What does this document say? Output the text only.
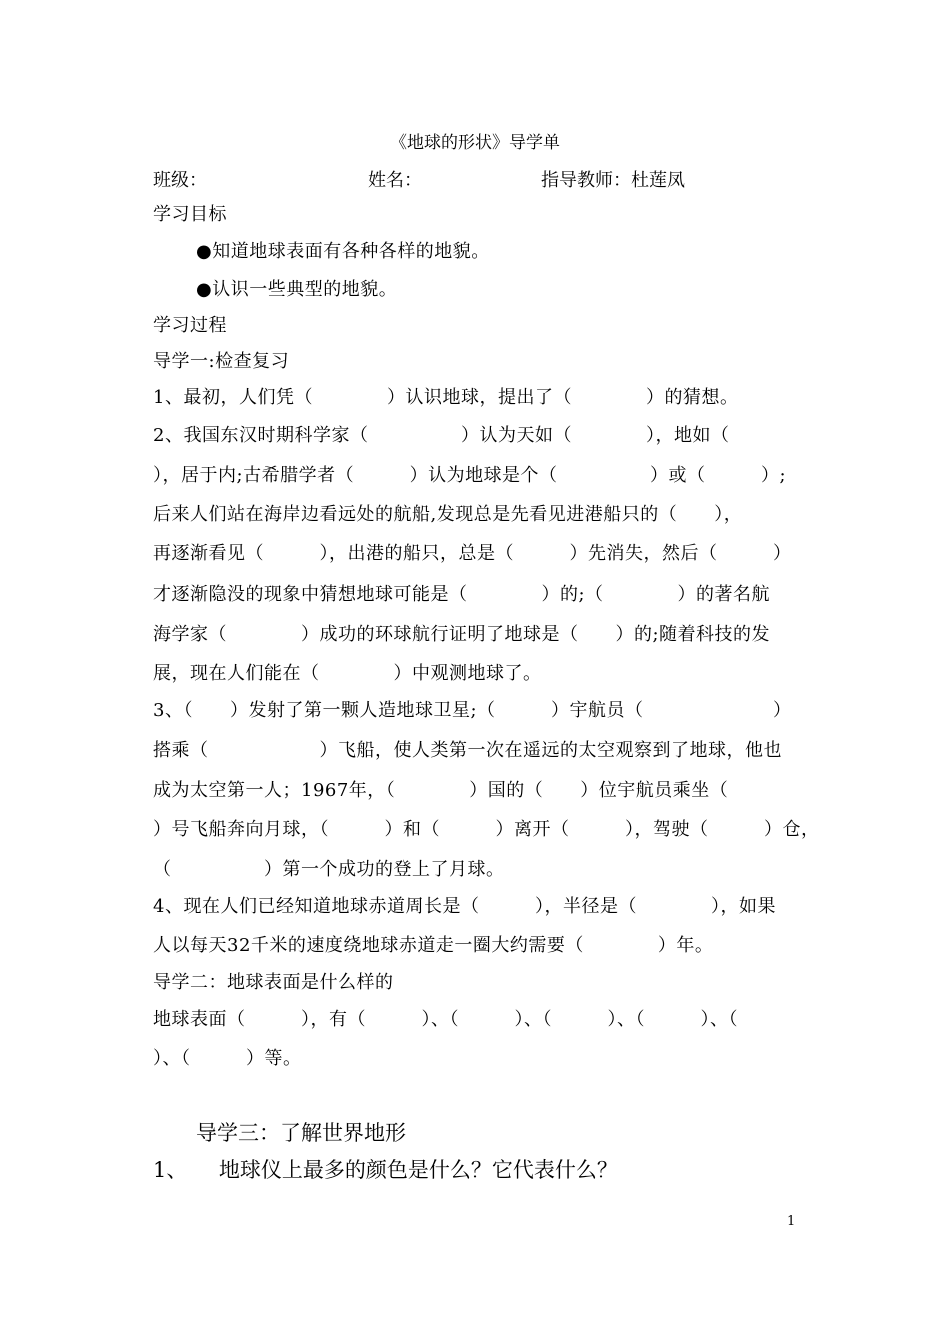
《地球的形状》导学单
班级：	姓名：	指导教师：杜莲凤
学习目标
●知道地球表面有各种各样的地貌。
●认识一些典型的地貌。
学习过程
导学一:检查复习
1、最初，人们凭（　　　　）认识地球，提出了（　　　　）的猜想。
2、我国东汉时期科学家（　　　　　）认为天如（　　　　），地如（
），居于内;古希腊学者（　　　）认为地球是个（　　　　　）或（　　　）;
后来人们站在海岸边看远处的航船,发现总是先看见进港船只的（　　），
再逐渐看见（　　　），出港的船只，总是（　　　）先消失，然后（　　　）
才逐渐隐没的现象中猜想地球可能是（　　　　）的;（　　　　）的著名航
海学家（　　　　）成功的环球航行证明了地球是（　　）的;随着科技的发
展，现在人们能在（　　　　）中观测地球了。
3、（　　）发射了第一颗人造地球卫星;（　　　）宇航员（　　　　　　　）
搭乘（　　　　　　）飞船，使人类第一次在遥远的太空观察到了地球，他也
成为太空第一人；1967年，（　　　　）国的（　　）位宇航员乘坐（
）号飞船奔向月球，（　　　）和（　　　）离开（　　　），驾驶（　　　）仓，
（　　　　　）第一个成功的登上了月球。
4、现在人们已经知道地球赤道周长是（　　　），半径是（　　　　），如果
人以每天32千米的速度绕地球赤道走一圈大约需要（　　　　）年。
导学二：地球表面是什么样的
地球表面（　　　），有（　　　）、（　　　）、（　　　）、（　　　）、（
）、（　　　）等。
导学三：了解世界地形
1、　　地球仪上最多的颜色是什么？它代表什么？
1
